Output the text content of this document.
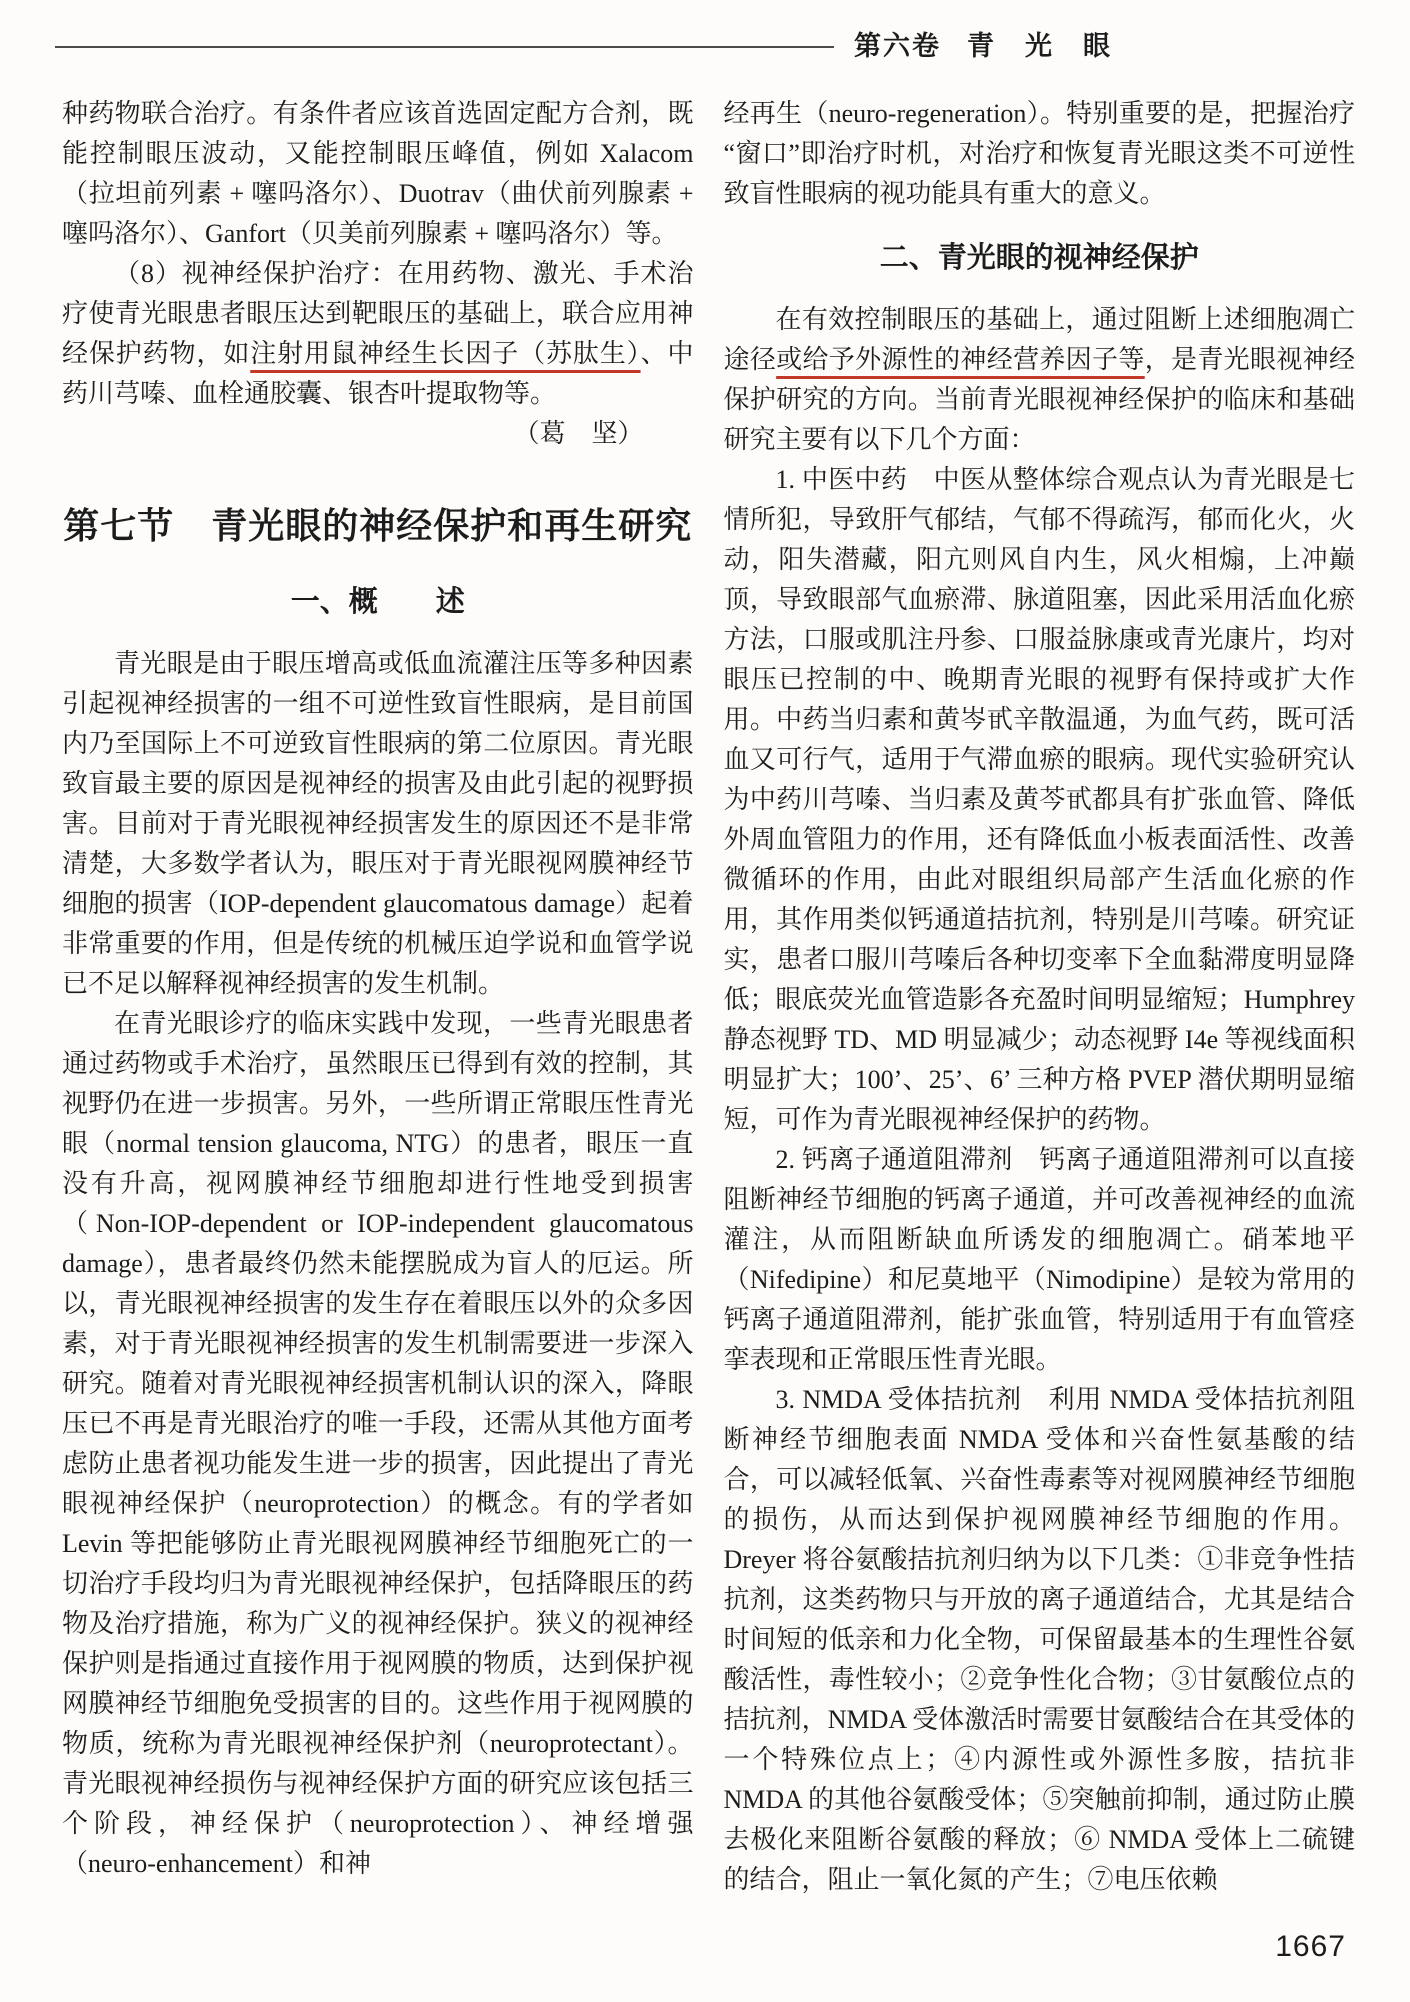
第六卷 青　光　眼

种药物联合治疗。有条件者应该首选固定配方合剂，既能控制眼压波动，又能控制眼压峰值，例如 Xalacom（拉坦前列素 + 噻吗洛尔）、Duotrav（曲伏前列腺素 + 噻吗洛尔）、Ganfort（贝美前列腺素 + 噻吗洛尔）等。

（8）视神经保护治疗：在用药物、激光、手术治疗使青光眼患者眼压达到靶眼压的基础上，联合应用神经保护药物，如注射用鼠神经生长因子（苏肽生）、中药川芎嗪、血栓通胶囊、银杏叶提取物等。

（葛　坚）

第七节　青光眼的神经保护和再生研究
一、概　　述

青光眼是由于眼压增高或低血流灌注压等多种因素引起视神经损害的一组不可逆性致盲性眼病，是目前国内乃至国际上不可逆致盲性眼病的第二位原因。青光眼致盲最主要的原因是视神经的损害及由此引起的视野损害。目前对于青光眼视神经损害发生的原因还不是非常清楚，大多数学者认为，眼压对于青光眼视网膜神经节细胞的损害（IOP-dependent glaucomatous damage）起着非常重要的作用，但是传统的机械压迫学说和血管学说已不足以解释视神经损害的发生机制。

在青光眼诊疗的临床实践中发现，一些青光眼患者通过药物或手术治疗，虽然眼压已得到有效的控制，其视野仍在进一步损害。另外，一些所谓正常眼压性青光眼（normal tension glaucoma, NTG）的患者，眼压一直没有升高，视网膜神经节细胞却进行性地受到损害（Non-IOP-dependent or IOP-independent glaucomatous damage），患者最终仍然未能摆脱成为盲人的厄运。所以，青光眼视神经损害的发生存在着眼压以外的众多因素，对于青光眼视神经损害的发生机制需要进一步深入研究。随着对青光眼视神经损害机制认识的深入，降眼压已不再是青光眼治疗的唯一手段，还需从其他方面考虑防止患者视功能发生进一步的损害，因此提出了青光眼视神经保护（neuroprotection）的概念。有的学者如 Levin 等把能够防止青光眼视网膜神经节细胞死亡的一切治疗手段均归为青光眼视神经保护，包括降眼压的药物及治疗措施，称为广义的视神经保护。狭义的视神经保护则是指通过直接作用于视网膜的物质，达到保护视网膜神经节细胞免受损害的目的。这些作用于视网膜的物质，统称为青光眼视神经保护剂（neuroprotectant）。青光眼视神经损伤与视神经保护方面的研究应该包括三个阶段，神经保护（neuroprotection）、神经增强（neuro-enhancement）和神

经再生（neuro-regeneration）。特别重要的是，把握治疗“窗口”即治疗时机，对治疗和恢复青光眼这类不可逆性致盲性眼病的视功能具有重大的意义。

二、青光眼的视神经保护

在有效控制眼压的基础上，通过阻断上述细胞凋亡途径或给予外源性的神经营养因子等，是青光眼视神经保护研究的方向。当前青光眼视神经保护的临床和基础研究主要有以下几个方面：

1. 中医中药　中医从整体综合观点认为青光眼是七情所犯，导致肝气郁结，气郁不得疏泻，郁而化火，火动，阳失潜藏，阳亢则风自内生，风火相煽，上冲巅顶，导致眼部气血瘀滞、脉道阻塞，因此采用活血化瘀方法，口服或肌注丹参、口服益脉康或青光康片，均对眼压已控制的中、晚期青光眼的视野有保持或扩大作用。中药当归素和黄岑甙辛散温通，为血气药，既可活血又可行气，适用于气滞血瘀的眼病。现代实验研究认为中药川芎嗪、当归素及黄芩甙都具有扩张血管、降低外周血管阻力的作用，还有降低血小板表面活性、改善微循环的作用，由此对眼组织局部产生活血化瘀的作用，其作用类似钙通道拮抗剂，特别是川芎嗪。研究证实，患者口服川芎嗪后各种切变率下全血黏滞度明显降低；眼底荧光血管造影各充盈时间明显缩短；Humphrey 静态视野 TD、MD 明显减少；动态视野 I4e 等视线面积明显扩大；100’、25’、6’ 三种方格 PVEP 潜伏期明显缩短，可作为青光眼视神经保护的药物。

2. 钙离子通道阻滞剂　钙离子通道阻滞剂可以直接阻断神经节细胞的钙离子通道，并可改善视神经的血流灌注，从而阻断缺血所诱发的细胞凋亡。硝苯地平（Nifedipine）和尼莫地平（Nimodipine）是较为常用的钙离子通道阻滞剂，能扩张血管，特别适用于有血管痉挛表现和正常眼压性青光眼。

3. NMDA 受体拮抗剂　利用 NMDA 受体拮抗剂阻断神经节细胞表面 NMDA 受体和兴奋性氨基酸的结合，可以减轻低氧、兴奋性毒素等对视网膜神经节细胞的损伤，从而达到保护视网膜神经节细胞的作用。Dreyer 将谷氨酸拮抗剂归纳为以下几类：①非竞争性拮抗剂，这类药物只与开放的离子通道结合，尤其是结合时间短的低亲和力化全物，可保留最基本的生理性谷氨酸活性，毒性较小；②竞争性化合物；③甘氨酸位点的拮抗剂，NMDA 受体激活时需要甘氨酸结合在其受体的一个特殊位点上；④内源性或外源性多胺，拮抗非 NMDA 的其他谷氨酸受体；⑤突触前抑制，通过防止膜去极化来阻断谷氨酸的释放；⑥ NMDA 受体上二硫键的结合，阻止一氧化氮的产生；⑦电压依赖

1667
